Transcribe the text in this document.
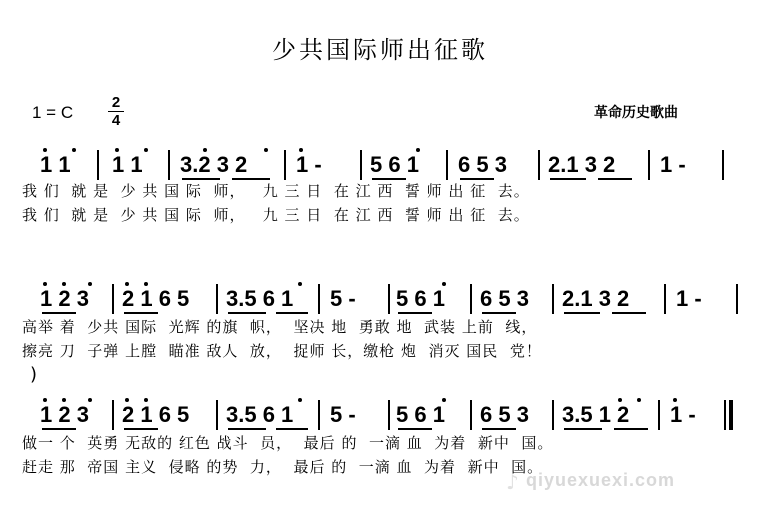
少共国际师出征歌
1 = C $\frac{2}{4}$	革命历史歌曲
1 1 1 1 3.2 3 2 1 - 5 6 1 6 5 3 2.1 3 2 1 -
我 们  就 是  少 共 国 际  师，   九 三 日  在 江 西  誓 师 出 征  去。
我 们  就 是  少 共 国 际  师，   九 三 日  在 江 西  誓 师 出 征  去。
1 2 3 2 1 6 5 3.5 6 1 5 - 5 6 1 6 5 3 2.1 3 2 1 -
高举 着  少共 国际  光辉 的旗  帜，  坚决 地  勇敢 地  武装 上前  线，
擦亮 刀  子弹 上膛  瞄准 敌人  放，  捉师 长，缴枪 炮  消灭 国民  党！
)
1 2 3 2 1 6 5 3.5 6 1 5 - 5 6 1 6 5 3 3.5 1 2 1 -
做一 个  英勇 无敌的 红色 战斗  员，  最后 的  一滴 血  为着  新中  国。
赶走 那  帝国 主义  侵略 的势  力，  最后 的  一滴 血  为着  新中  国。
♪ qiyuexuexi.com
